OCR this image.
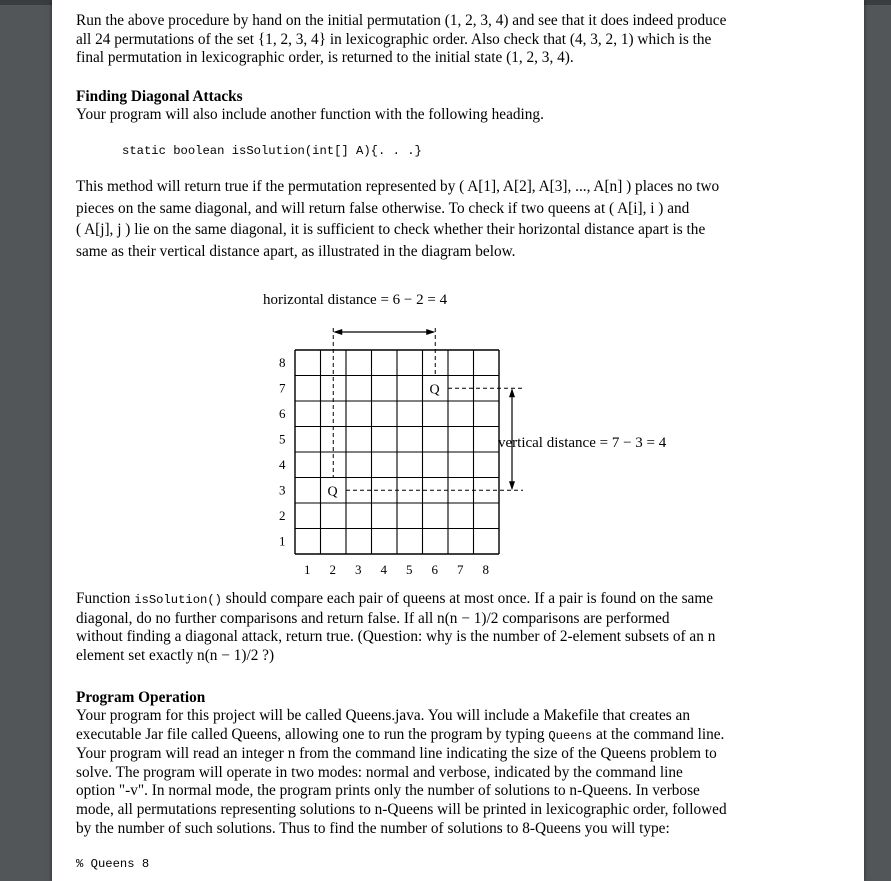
Run the above procedure by hand on the initial permutation (1, 2, 3, 4) and see that it does indeed produce
all 24 permutations of the set {1, 2, 3, 4} in lexicographic order. Also check that (4, 3, 2, 1) which is the
final permutation in lexicographic order, is returned to the initial state (1, 2, 3, 4).

Finding Diagonal Attacks
Your program will also include another function with the following heading.
static boolean isSolution(int[] A){. . .}

This method will return true if the permutation represented by ( A[1], A[2], A[3], ..., A[n] ) places no two
pieces on the same diagonal, and will return false otherwise. To check if two queens at ( A[i], i ) and
( A[j], j ) lie on the same diagonal, it is sufficient to check whether their horizontal distance apart is the
same as their vertical distance apart, as illustrated in the diagram below.

horizontal distance = 6 − 2 = 4
8
7
6
5
4
3
2
1
1 2 3 4 5 6 7 8
Q
Q
vertical distance = 7 − 3 = 4

Function isSolution() should compare each pair of queens at most once. If a pair is found on the same
diagonal, do no further comparisons and return false. If all n(n − 1)/2 comparisons are performed
without finding a diagonal attack, return true. (Question: why is the number of 2-element subsets of an n
element set exactly n(n − 1)/2 ?)

Program Operation

Your program for this project will be called Queens.java. You will include a Makefile that creates an
executable Jar file called Queens, allowing one to run the program by typing Queens at the command line.
Your program will read an integer n from the command line indicating the size of the Queens problem to
solve. The program will operate in two modes: normal and verbose, indicated by the command line
option "-v". In normal mode, the program prints only the number of solutions to n-Queens. In verbose
mode, all permutations representing solutions to n-Queens will be printed in lexicographic order, followed
by the number of such solutions. Thus to find the number of solutions to 8-Queens you will type:

% Queens 8
